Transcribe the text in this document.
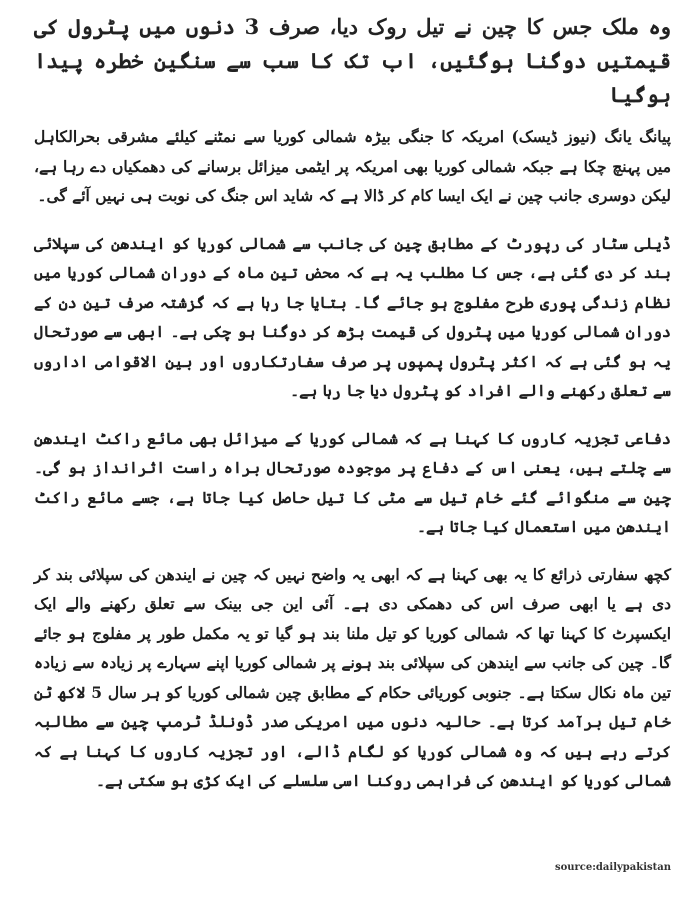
وہ ملک جس کا چین نے تیل روک دیا، صرف 3 دنوں میں پٹرول کی قیمتیں دوگنا ہوگئیں، اب تک کا سب سے سنگین خطرہ پیدا ہوگیا

پیانگ یانگ (نیوز ڈیسک) امریکہ کا جنگی بیڑہ شمالی کوریا سے نمٹنے کیلئے مشرقی بحرالکاہل میں پہنچ چکا ہے جبکہ شمالی کوریا بھی امریکہ پر ایٹمی میزائل برسانے کی دھمکیاں دے رہا ہے، لیکن دوسری جانب چین نے ایک ایسا کام کر ڈالا ہے کہ شاید اس جنگ کی نوبت ہی نہیں آئے گی۔

ڈیلی سٹار کی رپورٹ کے مطابق چین کی جانب سے شمالی کوریا کو ایندھن کی سپلائی بند کر دی گئی ہے، جس کا مطلب یہ ہے کہ محض تین ماہ کے دوران شمالی کوریا میں نظام زندگی پوری طرح مفلوج ہو جائے گا۔ بتایا جا رہا ہے کہ گزشتہ صرف تین دن کے دوران شمالی کوریا میں پٹرول کی قیمت بڑھ کر دوگنا ہو چکی ہے۔ ابھی سے صورتحال یہ ہو گئی ہے کہ اکثر پٹرول پمپوں پر صرف سفارتکاروں اور بین الاقوامی اداروں سے تعلق رکھنے والے افراد کو پٹرول دیا جا رہا ہے۔

دفاعی تجزیہ کاروں کا کہنا ہے کہ شمالی کوریا کے میزائل بھی مائع راکٹ ایندھن سے چلتے ہیں، یعنی اس کے دفاع پر موجودہ صورتحال براہ راست اثرانداز ہو گی۔ چین سے منگوائے گئے خام تیل سے مٹی کا تیل حاصل کیا جاتا ہے، جسے مائع راکٹ ایندھن میں استعمال کیا جاتا ہے۔

کچھ سفارتی ذرائع کا یہ بھی کہنا ہے کہ ابھی یہ واضح نہیں کہ چین نے ایندھن کی سپلائی بند کر دی ہے یا ابھی صرف اس کی دھمکی دی ہے۔ آئی این جی بینک سے تعلق رکھنے والے ایک ایکسپرٹ کا کہنا تھا کہ شمالی کوریا کو تیل ملنا بند ہو گیا تو یہ مکمل طور پر مفلوج ہو جائے گا۔ چین کی جانب سے ایندھن کی سپلائی بند ہونے پر شمالی کوریا اپنے سہارے پر زیادہ سے زیادہ تین ماہ نکال سکتا ہے۔ جنوبی کوریائی حکام کے مطابق چین شمالی کوریا کو ہر سال 5 لاکھ ٹن خام تیل برآمد کرتا ہے۔ حالیہ دنوں میں امریکی صدر ڈونلڈ ٹرمپ چین سے مطالبہ کرتے رہے ہیں کہ وہ شمالی کوریا کو لگام ڈالے، اور تجزیہ کاروں کا کہنا ہے کہ شمالی کوریا کو ایندھن کی فراہمی روکنا اسی سلسلے کی ایک کڑی ہو سکتی ہے۔

source:dailypakistan
